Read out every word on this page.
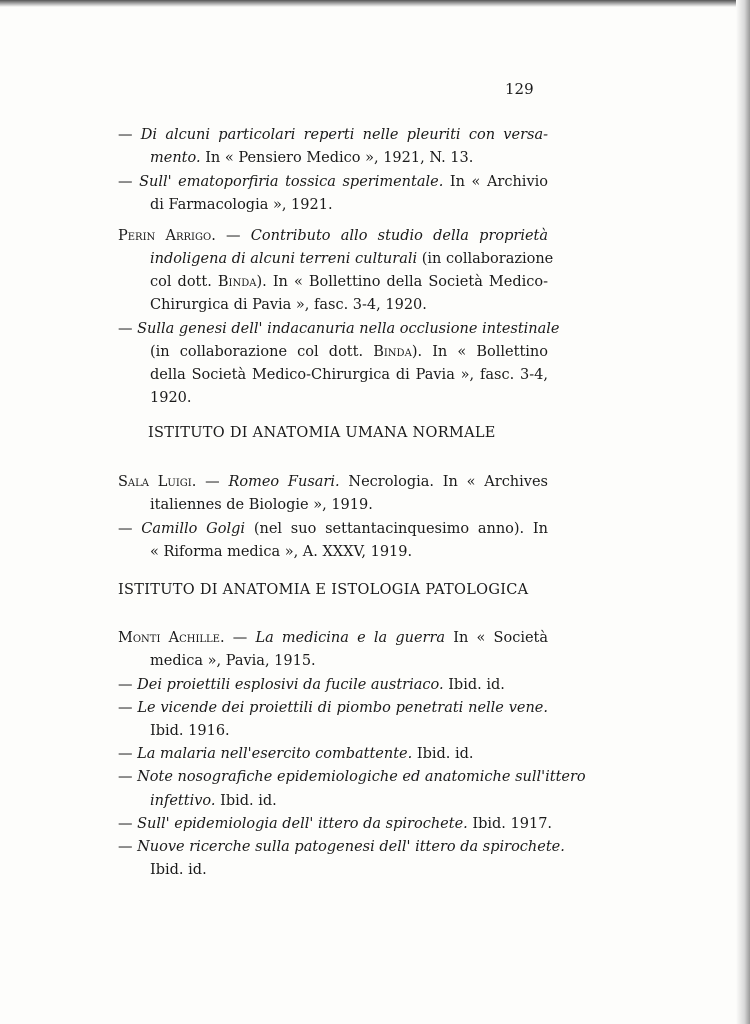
129
— Di alcuni particolari reperti nelle pleuriti con versa-
mento. In « Pensiero Medico », 1921, N. 13.
— Sull' ematoporfiria tossica sperimentale. In « Archivio
di Farmacologia », 1921.
Perin Arrigo. — Contributo allo studio della proprietà
indoligena di alcuni terreni culturali (in collaborazione
col dott. Binda). In « Bollettino della Società Medico-
Chirurgica di Pavia », fasc. 3-4, 1920.
— Sulla genesi dell' indacanuria nella occlusione intestinale
(in collaborazione col dott. Binda). In « Bollettino
della Società Medico-Chirurgica di Pavia », fasc. 3-4,
1920.
ISTITUTO DI ANATOMIA UMANA NORMALE
Sala Luigi. — Romeo Fusari. Necrologia. In « Archives
italiennes de Biologie », 1919.
— Camillo Golgi (nel suo settantacinquesimo anno). In
« Riforma medica », A. XXXV, 1919.
ISTITUTO DI ANATOMIA E ISTOLOGIA PATOLOGICA
Monti Achille. — La medicina e la guerra In « Società
medica », Pavia, 1915.
— Dei proiettili esplosivi da fucile austriaco. Ibid. id.
— Le vicende dei proiettili di piombo penetrati nelle vene.
Ibid. 1916.
— La malaria nell'esercito combattente. Ibid. id.
— Note nosografiche epidemiologiche ed anatomiche sull'ittero
infettivo. Ibid. id.
— Sull' epidemiologia dell' ittero da spirochete. Ibid. 1917.
— Nuove ricerche sulla patogenesi dell' ittero da spirochete.
Ibid. id.
